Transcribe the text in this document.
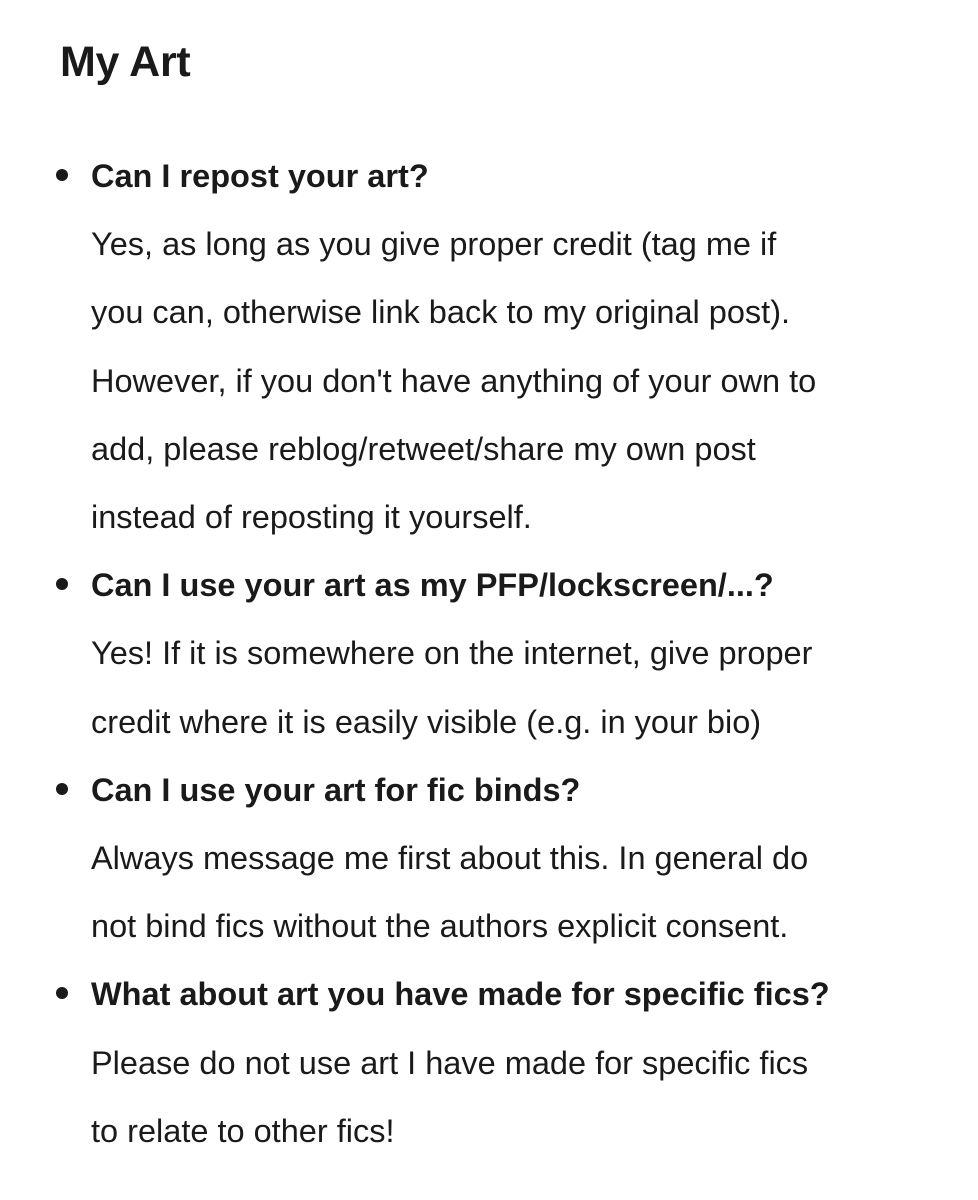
My Art

Can I repost your art?

Yes, as long as you give proper credit (tag me if

you can, otherwise link back to my original post).

However, if you don't have anything of your own to

add, please reblog/retweet/share my own post

instead of reposting it yourself.

Can I use your art as my PFP/lockscreen/...?

Yes! If it is somewhere on the internet, give proper

credit where it is easily visible (e.g. in your bio)

Can I use your art for fic binds?

Always message me first about this. In general do

not bind fics without the authors explicit consent.

What about art you have made for specific fics?

Please do not use art I have made for specific fics

to relate to other fics!
